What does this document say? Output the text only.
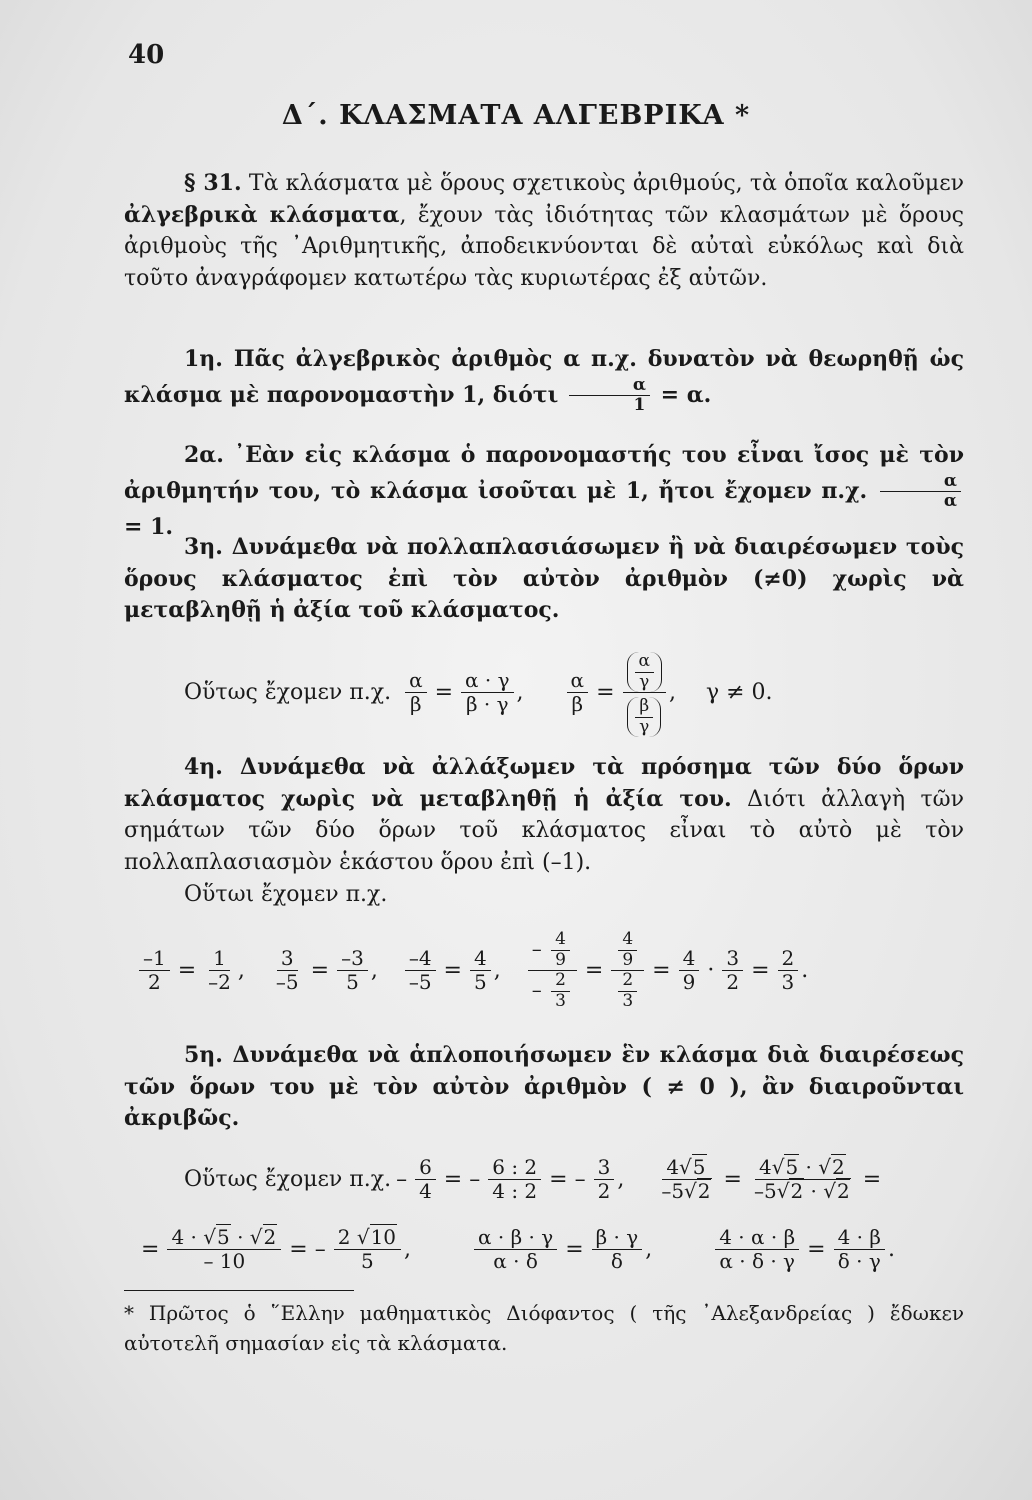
40
Δ΄. ΚΛΑΣΜΑΤΑ ΑΛΓΕΒΡΙΚΑ *

§ 31. Τὰ κλάσματα μὲ ὅρους σχετικοὺς ἀριθμούς, τὰ ὁποῖα καλοῦμεν ἀλγεβρικὰ κλάσματα, ἔχουν τὰς ἰδιότητας τῶν κλασμάτων μὲ ὅρους ἀριθμοὺς τῆς ᾿Αριθμητικῆς, ἀποδεικνύονται δὲ αὐταὶ εὐκόλως καὶ διὰ τοῦτο ἀναγράφομεν κατωτέρω τὰς κυριωτέρας ἐξ αὐτῶν.

1η. Πᾶς ἀλγεβρικὸς ἀριθμὸς α π.χ. δυνατὸν νὰ θεωρηθῇ ὡς κλάσμα μὲ παρονομαστὴν 1, διότι $\frac{\alpha}{1} = \alpha$.

2α. ᾿Εὰν εἰς κλάσμα ὁ παρονομαστής του εἶναι ἴσος μὲ τὸν ἀριθμητήν του, τὸ κλάσμα ἰσοῦται μὲ 1, ἤτοι ἔχομεν π.χ. $\frac{\alpha}{\alpha}$
= 1.

3η. Δυνάμεθα νὰ πολλαπλασιάσωμεν ἢ νὰ διαιρέσωμεν τοὺς ὅρους κλάσματος ἐπὶ τὸν αὐτὸν ἀριθμὸν (≠0) χωρὶς νὰ μεταβληθῇ ἡ ἀξία τοῦ κλάσματος.

Οὕτως ἔχομεν π.χ. $\frac{\alpha}{\beta} = \frac{\alpha \cdot \gamma}{\beta \cdot \gamma}$ , $\frac{\alpha}{\beta} = \frac{\frac{\alpha}{\gamma}}{\frac{\beta}{\gamma}}$ , γ ≠ 0.

4η. Δυνάμεθα νὰ ἀλλάξωμεν τὰ πρόσημα τῶν δύο ὅρων κλάσματος χωρὶς νὰ μεταβληθῇ ἡ ἀξία του. Διότι ἀλλαγὴ τῶν σημάτων τῶν δύο ὅρων τοῦ κλάσματος εἶναι τὸ αὐτὸ μὲ τὸν πολλαπλασιασμὸν ἑκάστου ὅρου ἐπὶ (–1).

Οὕτωι ἔχομεν π.χ.

$\frac{-1}{2} = \frac{1}{-2}$ , $\frac{3}{-5} = \frac{-3}{5}$ , $\frac{-4}{-5} = \frac{4}{5}$ , $\frac{- \frac{4}{9}}{- \frac{2}{3}} = \frac{\frac{4}{9}}{\frac{2}{3}} = \frac{4}{9} \cdot \frac{3}{2} = \frac{2}{3}$ .

5η. Δυνάμεθα νὰ ἁπλοποιήσωμεν ἓν κλάσμα διὰ διαιρέσεως τῶν ὅρων του μὲ τὸν αὐτὸν ἀριθμὸν ( ≠ 0 ), ἂν διαιροῦνται ἀκριβῶς.

Οὕτως ἔχομεν π.χ. – $\frac{6}{4}$ = – $\frac{6 : 2}{4 : 2}$ = – $\frac{3}{2}$ , $\frac{4 √ 5}{-5 √ 2} = \frac{4 √ 5 \cdot √ 2}{-5 √ 2 \cdot √ 2}$ =
= $\frac{4 \cdot √ 5 \cdot √ 2}{- 10}$ = – $\frac{2 √ 10}{5}$ ,	$\frac{\alpha \cdot \beta \cdot \gamma}{\alpha \cdot \delta} = \frac{\beta \cdot \gamma}{\delta}$ ,	$\frac{4 \cdot \alpha \cdot \beta}{\alpha \cdot \delta \cdot \gamma} = \frac{4 \cdot \beta}{\delta \cdot \gamma}$ .
* Πρῶτος ὁ ῞Ελλην μαθηματικὸς Διόφαντος ( τῆς ᾿Αλεξανδρείας ) ἔδωκεν αὐτοτελῆ σημασίαν εἰς τὰ κλάσματα.
